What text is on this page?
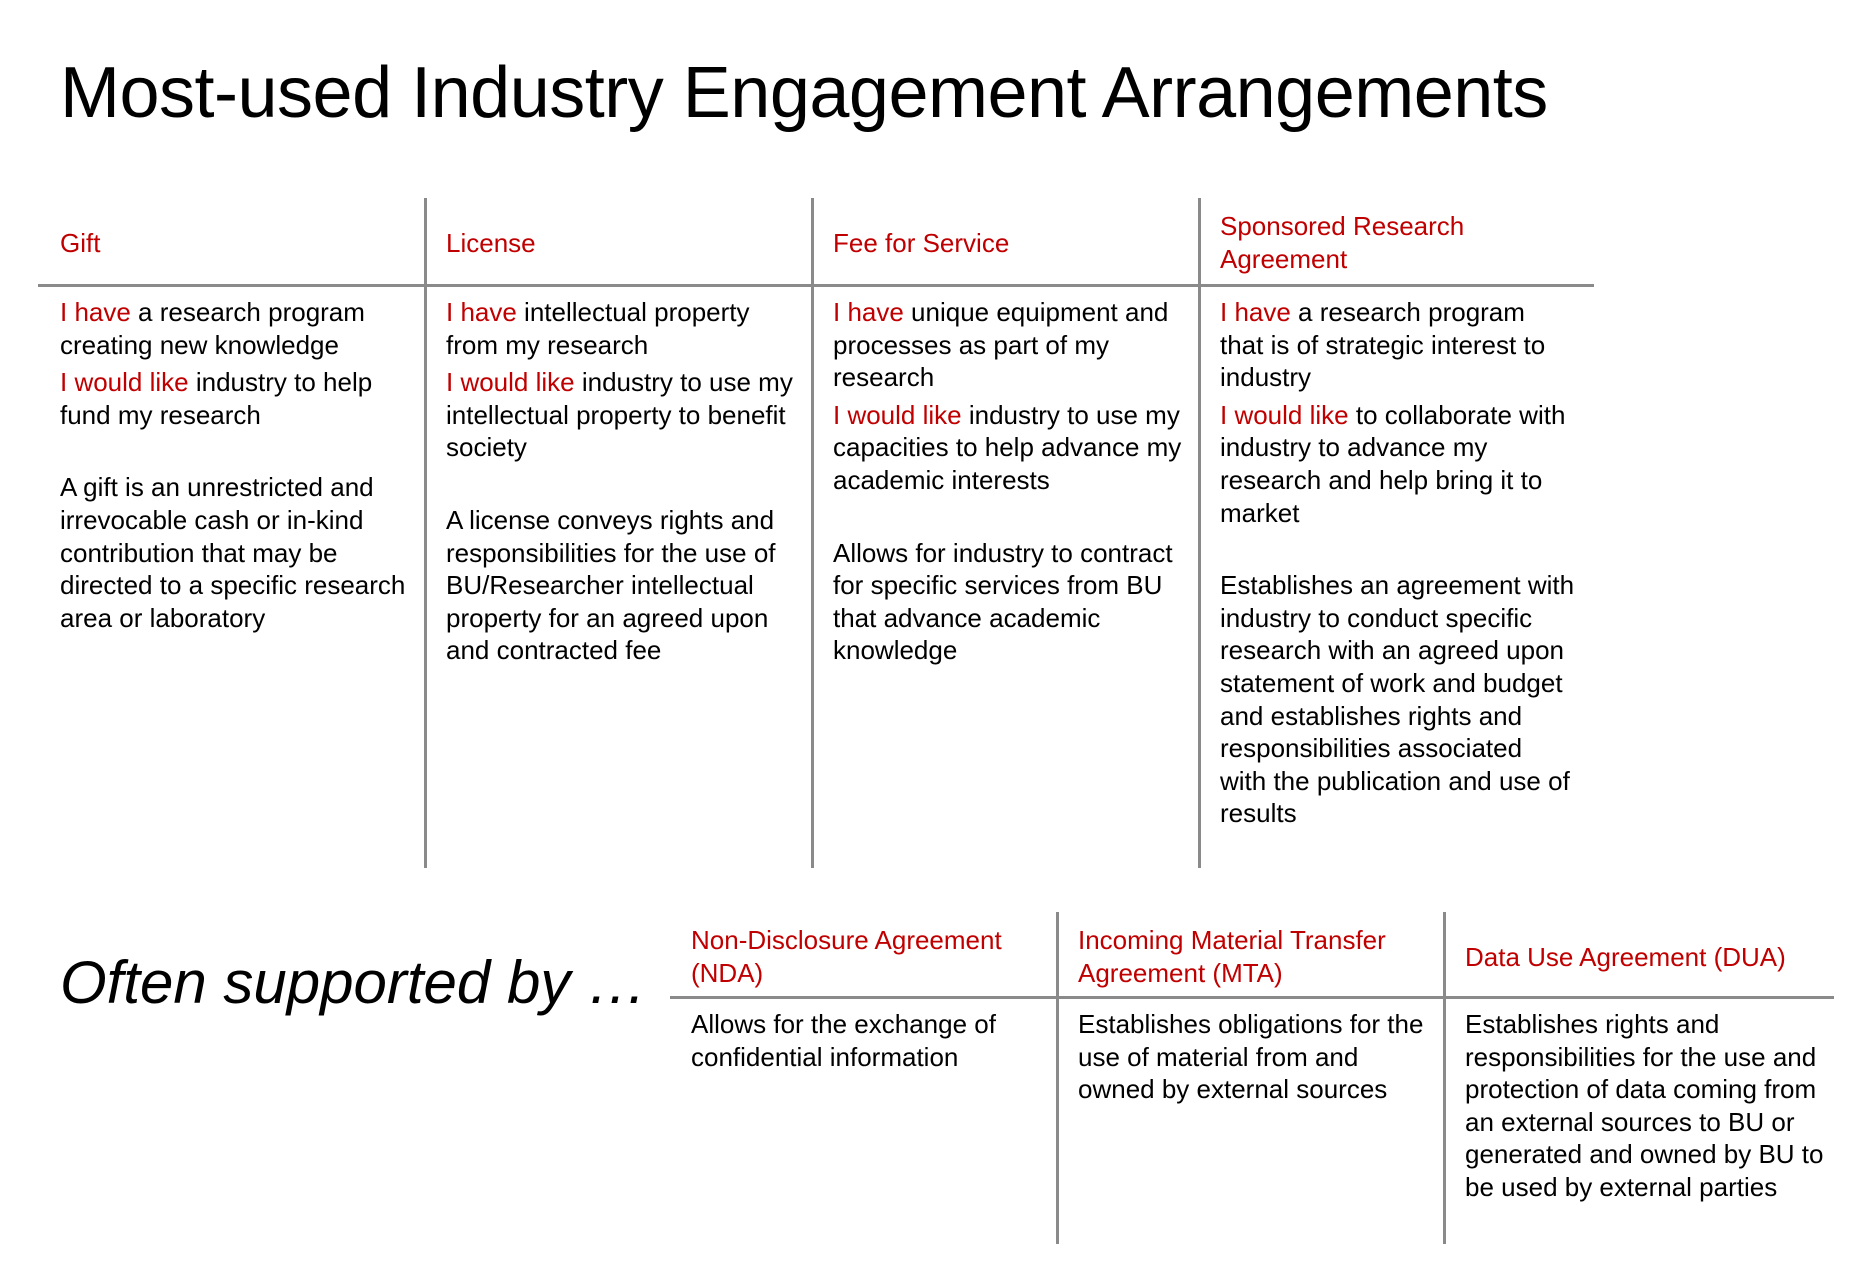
Most-used Industry Engagement Arrangements
Gift
I have a research program creating new knowledge
I would like industry to help fund my research
A gift is an unrestricted and irrevocable cash or in-kind contribution that may be directed to a specific research area or laboratory
License
I have intellectual property from my research
I would like industry to use my intellectual property to benefit society
A license conveys rights and responsibilities for the use of BU/Researcher intellectual property for an agreed upon and contracted fee
Fee for Service
I have unique equipment and processes as part of my research
I would like industry to use my capacities to help advance my academic interests
Allows for industry to contract for specific services from BU that advance academic knowledge
Sponsored Research Agreement
I have a research program that is of strategic interest to industry
I would like to collaborate with industry to advance my research and help bring it to market
Establishes an agreement with industry to conduct specific research with an agreed upon statement of work and budget and establishes rights and responsibilities associated with the publication and use of results
Often supported by …
Non-Disclosure Agreement (NDA)
Allows for the exchange of confidential information
Incoming Material Transfer Agreement (MTA)
Establishes obligations for the use of material from and owned by external sources
Data Use Agreement (DUA)
Establishes rights and responsibilities for the use and protection of data coming from an external sources to BU or generated and owned by BU to be used by external parties
